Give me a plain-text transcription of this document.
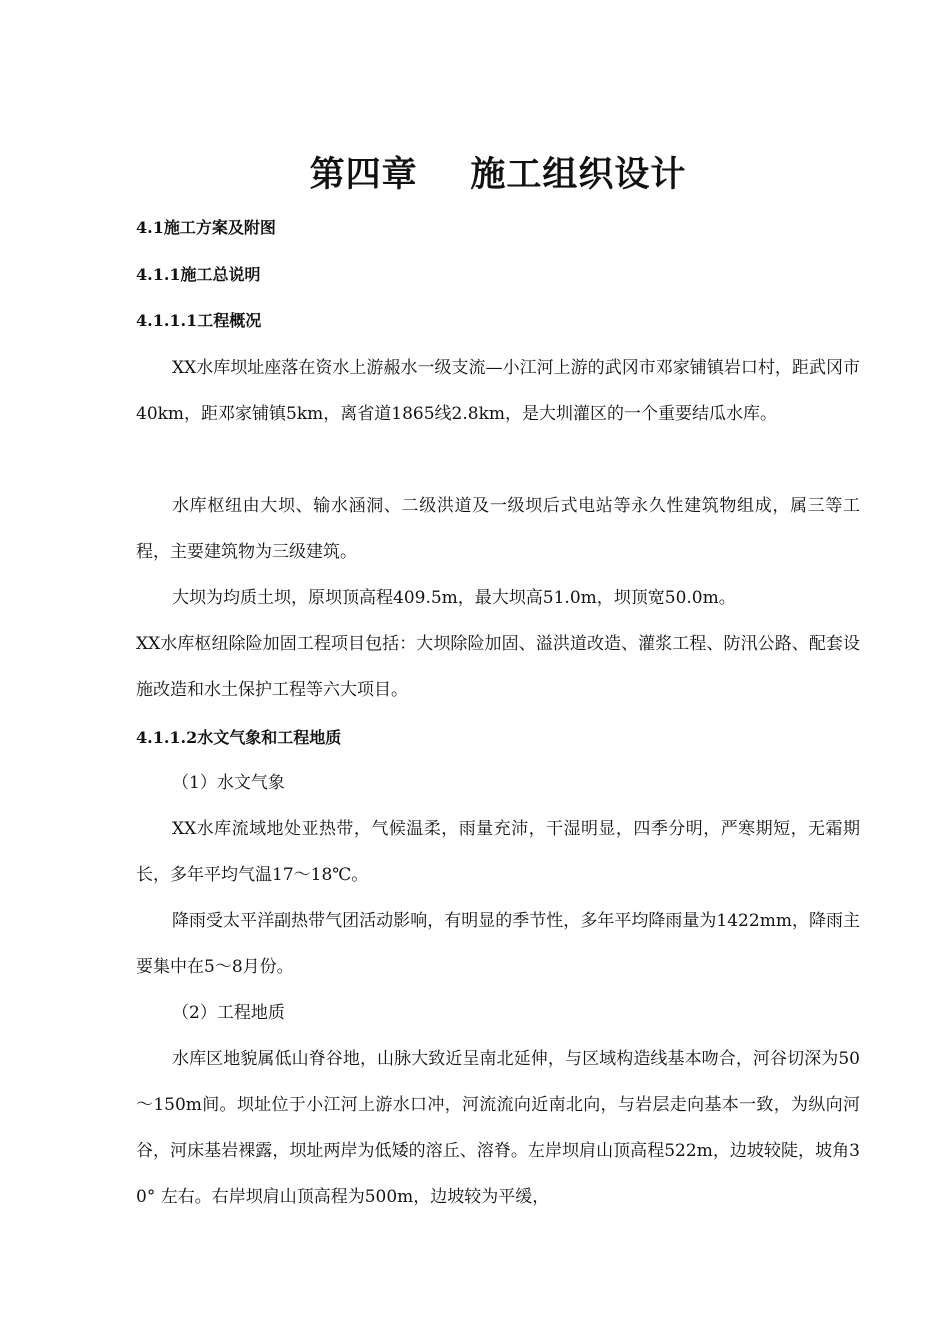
第四章    施工组织设计
4.1施工方案及附图
4.1.1施工总说明
4.1.1.1工程概况
XX水库坝址座落在资水上游赧水一级支流—小江河上游的武冈市邓家铺镇岩口村，距武冈市40km，距邓家铺镇5km，离省道1865线2.8km，是大圳灌区的一个重要结瓜水库。
水库枢纽由大坝、输水涵洞、二级洪道及一级坝后式电站等永久性建筑物组成，属三等工程，主要建筑物为三级建筑。
大坝为均质土坝，原坝顶高程409.5m，最大坝高51.0m，坝顶宽50.0m。
XX水库枢纽除险加固工程项目包括：大坝除险加固、溢洪道改造、灌浆工程、防汛公路、配套设施改造和水土保护工程等六大项目。
4.1.1.2水文气象和工程地质
（1）水文气象
XX水库流域地处亚热带，气候温柔，雨量充沛，干湿明显，四季分明，严寒期短，无霜期长，多年平均气温17～18℃。
降雨受太平洋副热带气团活动影响，有明显的季节性，多年平均降雨量为1422mm，降雨主要集中在5～8月份。
（2）工程地质
水库区地貌属低山脊谷地，山脉大致近呈南北延伸，与区域构造线基本吻合，河谷切深为50～150m间。坝址位于小江河上游水口冲，河流流向近南北向，与岩层走向基本一致，为纵向河谷，河床基岩裸露，坝址两岸为低矮的溶丘、溶脊。左岸坝肩山顶高程522m，边坡较陡，坡角30° 左右。右岸坝肩山顶高程为500m，边坡较为平缓，
